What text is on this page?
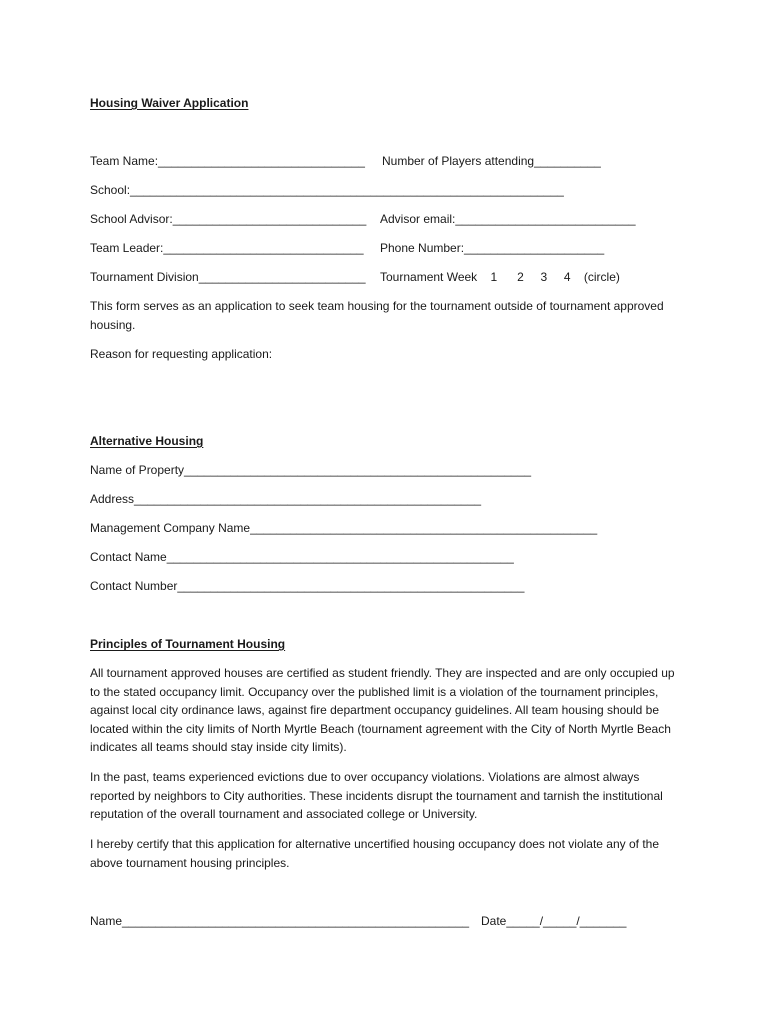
Housing Waiver Application
Team Name:_______________________________ Number of Players attending__________
School:_________________________________________________________________
School Advisor:_____________________________ Advisor email:___________________________
Team Leader:______________________________ Phone Number:_____________________
Tournament Division_________________________ Tournament Week    1      2     3     4    (circle)
This form serves as an application to seek team housing for the tournament outside of tournament approved housing.
Reason for requesting application:
Alternative Housing
Name of Property____________________________________________________
Address____________________________________________________
Management Company Name____________________________________________________
Contact Name____________________________________________________
Contact Number____________________________________________________
Principles of Tournament Housing
All tournament approved houses are certified as student friendly. They are inspected and are only occupied up to the stated occupancy limit. Occupancy over the published limit is a violation of the tournament principles, against local city ordinance laws, against fire department occupancy guidelines. All team housing should be located within the city limits of North Myrtle Beach (tournament agreement with the City of North Myrtle Beach indicates all teams should stay inside city limits).
In the past, teams experienced evictions due to over occupancy violations. Violations are almost always reported by neighbors to City authorities. These incidents disrupt the tournament and tarnish the institutional reputation of the overall tournament and associated college or University.
I hereby certify that this application for alternative uncertified housing occupancy does not violate any of the above tournament housing principles.
Name____________________________________________________ Date_____/_____/_______
